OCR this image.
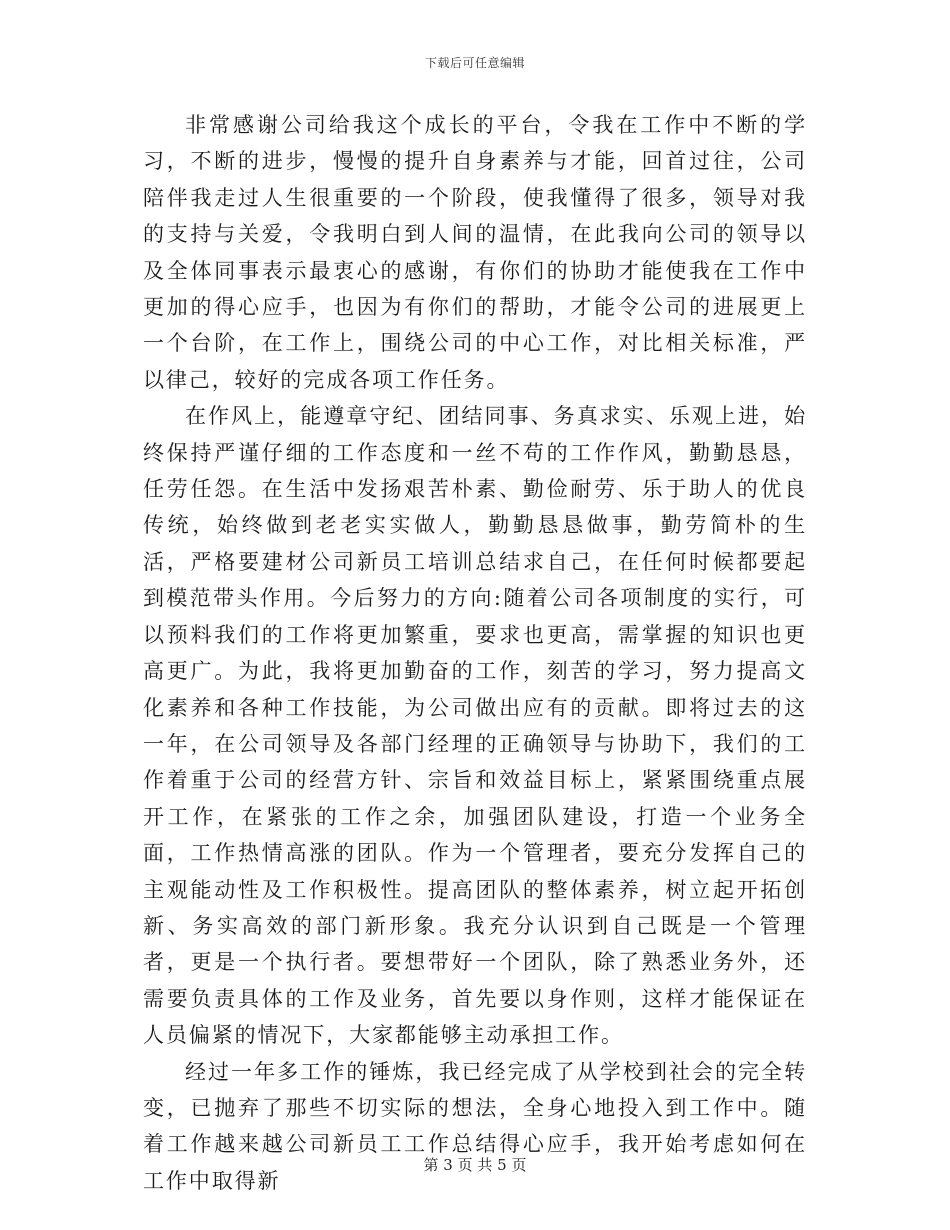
下载后可任意编辑

非常感谢公司给我这个成长的平台，令我在工作中不断的学习，不断的进步，慢慢的提升自身素养与才能，回首过往，公司陪伴我走过人生很重要的一个阶段，使我懂得了很多，领导对我的支持与关爱，令我明白到人间的温情，在此我向公司的领导以及全体同事表示最衷心的感谢，有你们的协助才能使我在工作中更加的得心应手，也因为有你们的帮助，才能令公司的进展更上一个台阶，在工作上，围绕公司的中心工作，对比相关标准，严以律己，较好的完成各项工作任务。

在作风上，能遵章守纪、团结同事、务真求实、乐观上进，始终保持严谨仔细的工作态度和一丝不苟的工作作风，勤勤恳恳，任劳任怨。在生活中发扬艰苦朴素、勤俭耐劳、乐于助人的优良传统，始终做到老老实实做人，勤勤恳恳做事，勤劳简朴的生活，严格要建材公司新员工培训总结求自己，在任何时候都要起到模范带头作用。今后努力的方向:随着公司各项制度的实行，可以预料我们的工作将更加繁重，要求也更高，需掌握的知识也更高更广。为此，我将更加勤奋的工作，刻苦的学习，努力提高文化素养和各种工作技能，为公司做出应有的贡献。即将过去的这一年，在公司领导及各部门经理的正确领导与协助下，我们的工作着重于公司的经营方针、宗旨和效益目标上，紧紧围绕重点展开工作，在紧张的工作之余，加强团队建设，打造一个业务全面，工作热情高涨的团队。作为一个管理者，要充分发挥自己的主观能动性及工作积极性。提高团队的整体素养，树立起开拓创新、务实高效的部门新形象。我充分认识到自己既是一个管理者，更是一个执行者。要想带好一个团队，除了熟悉业务外，还需要负责具体的工作及业务，首先要以身作则，这样才能保证在人员偏紧的情况下，大家都能够主动承担工作。

经过一年多工作的锤炼，我已经完成了从学校到社会的完全转变，已抛弃了那些不切实际的想法，全身心地投入到工作中。随着工作越来越公司新员工工作总结得心应手，我开始考虑如何在工作中取得新

第 3 页 共 5 页
